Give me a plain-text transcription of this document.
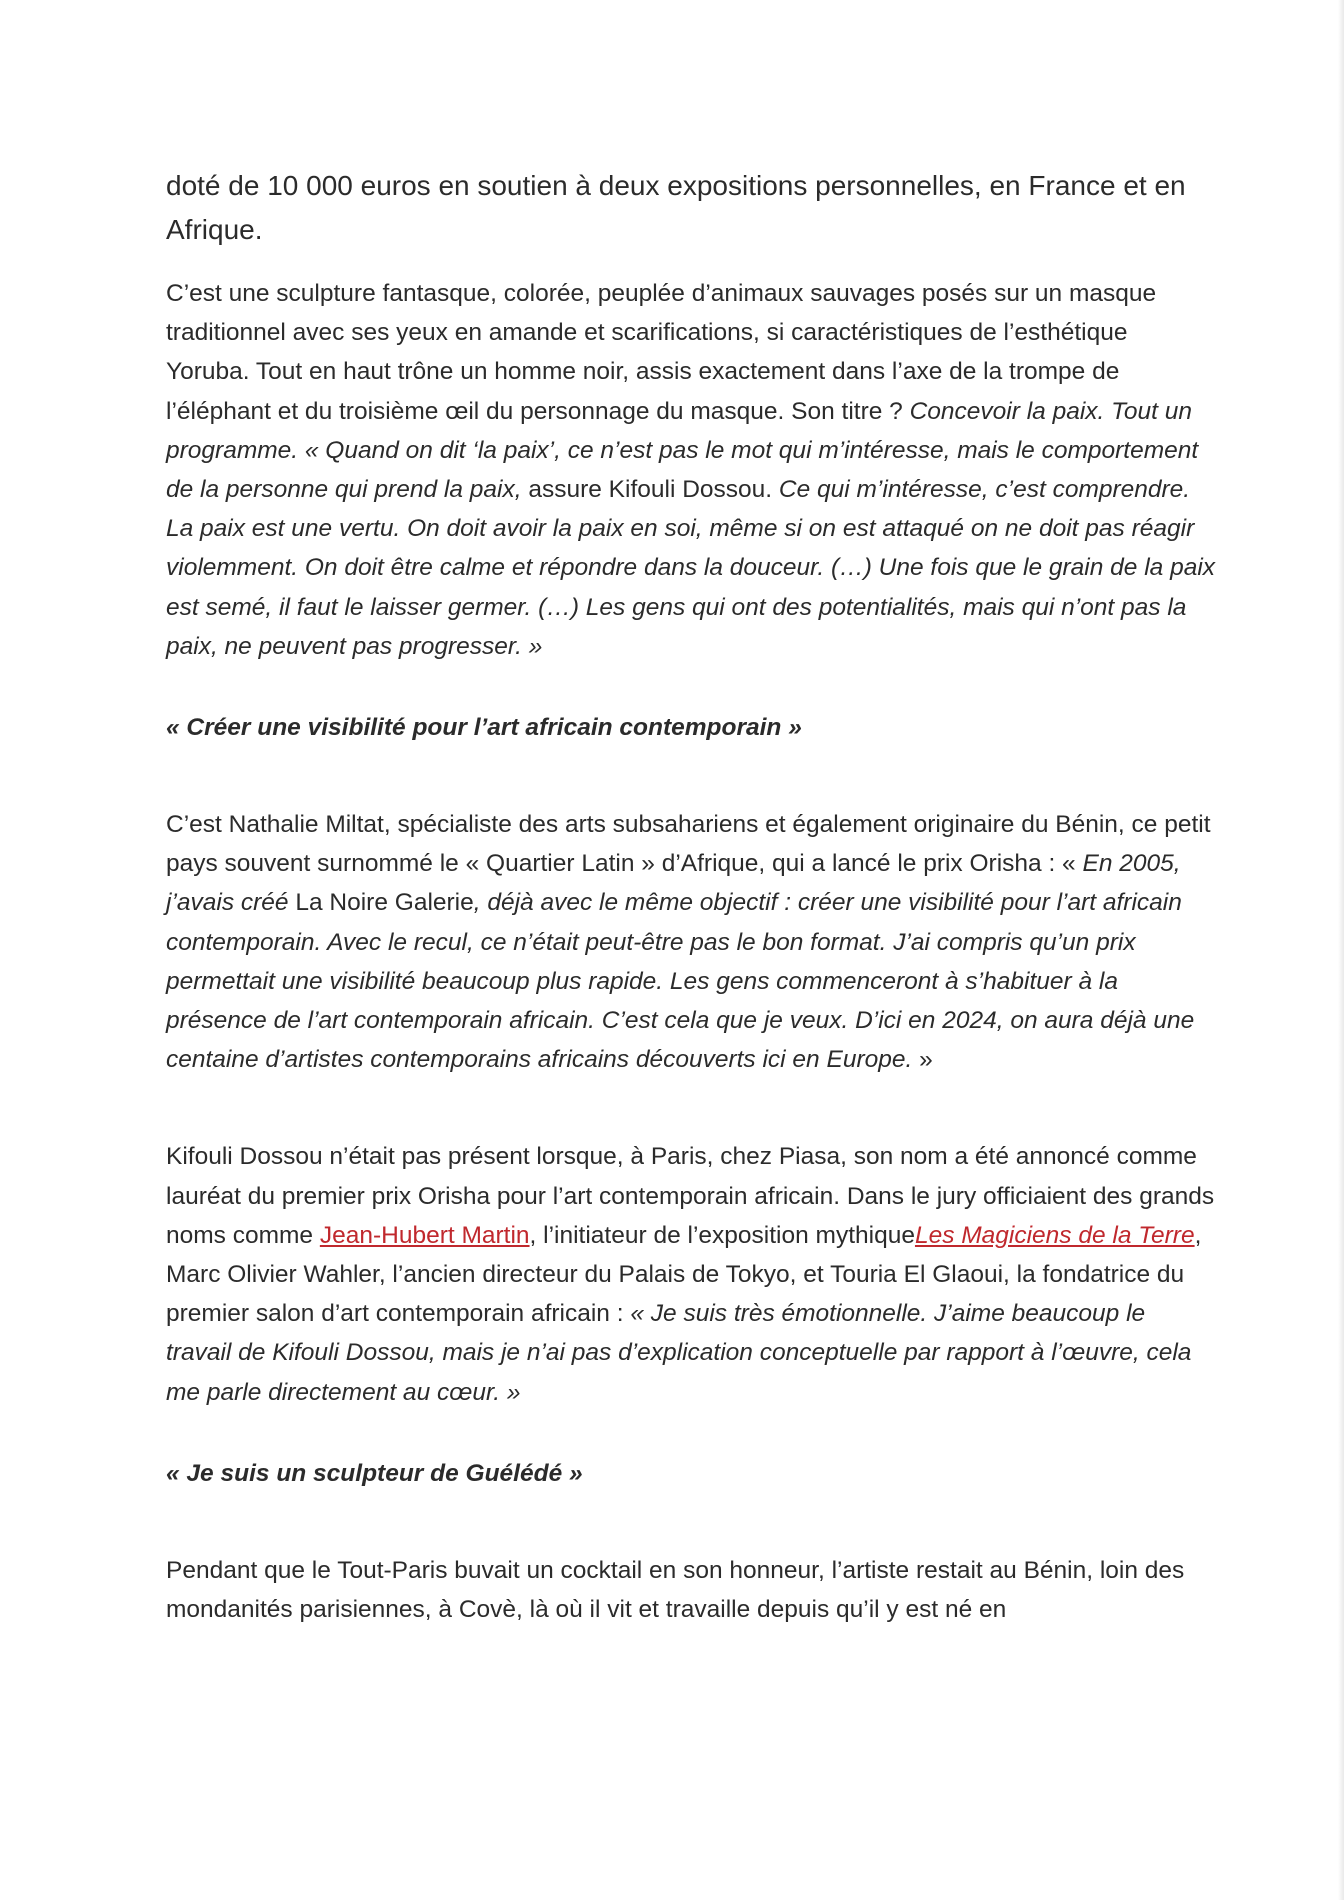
doté de 10 000 euros en soutien à deux expositions personnelles, en France et en Afrique.

C’est une sculpture fantasque, colorée, peuplée d’animaux sauvages posés sur un masque traditionnel avec ses yeux en amande et scarifications, si caractéristiques de l’esthétique Yoruba. Tout en haut trône un homme noir, assis exactement dans l’axe de la trompe de l’éléphant et du troisième œil du personnage du masque. Son titre ? Concevoir la paix. Tout un programme. « Quand on dit ‘la paix’, ce n’est pas le mot qui m’intéresse, mais le comportement de la personne qui prend la paix, assure Kifouli Dossou. Ce qui m’intéresse, c’est comprendre. La paix est une vertu. On doit avoir la paix en soi, même si on est attaqué on ne doit pas réagir violemment. On doit être calme et répondre dans la douceur. (…) Une fois que le grain de la paix est semé, il faut le laisser germer. (…) Les gens qui ont des potentialités, mais qui n’ont pas la paix, ne peuvent pas progresser. »

« Créer une visibilité pour l’art africain contemporain »

C’est Nathalie Miltat, spécialiste des arts subsahariens et également originaire du Bénin, ce petit pays souvent surnommé le « Quartier Latin » d’Afrique, qui a lancé le prix Orisha : « En 2005, j’avais créé La Noire Galerie, déjà avec le même objectif : créer une visibilité pour l’art africain contemporain. Avec le recul, ce n’était peut-être pas le bon format. J’ai compris qu’un prix permettait une visibilité beaucoup plus rapide. Les gens commenceront à s’habituer à la présence de l’art contemporain africain. C’est cela que je veux. D’ici en 2024, on aura déjà une centaine d’artistes contemporains africains découverts ici en Europe. »

Kifouli Dossou n’était pas présent lorsque, à Paris, chez Piasa, son nom a été annoncé comme lauréat du premier prix Orisha pour l’art contemporain africain. Dans le jury officiaient des grands noms comme Jean-Hubert Martin, l’initiateur de l’exposition mythiqueLes Magiciens de la Terre, Marc Olivier Wahler, l’ancien directeur du Palais de Tokyo, et Touria El Glaoui, la fondatrice du premier salon d’art contemporain africain : « Je suis très émotionnelle. J’aime beaucoup le travail de Kifouli Dossou, mais je n’ai pas d’explication conceptuelle par rapport à l’œuvre, cela me parle directement au cœur. »

« Je suis un sculpteur de Guélédé »

Pendant que le Tout-Paris buvait un cocktail en son honneur, l’artiste restait au Bénin, loin des mondanités parisiennes, à Covè, là où il vit et travaille depuis qu’il y est né en
